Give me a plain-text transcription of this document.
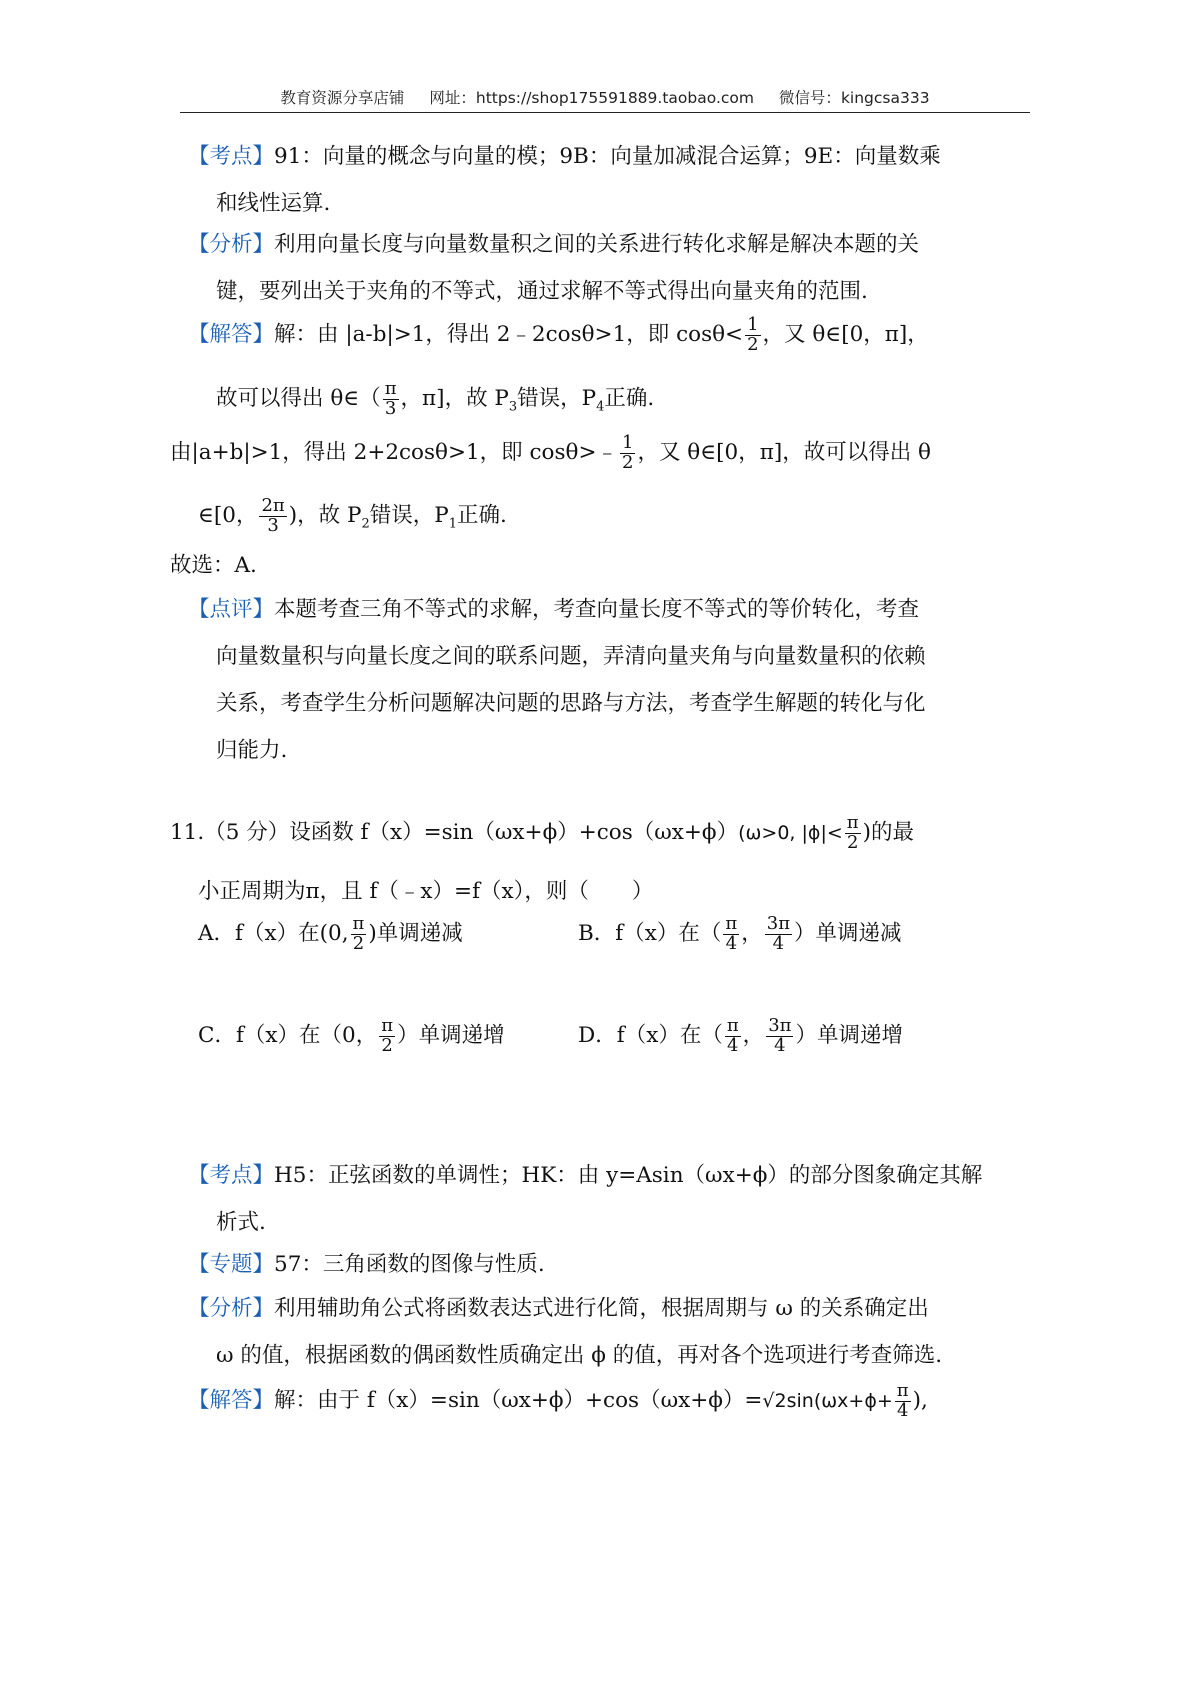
教育资源分享店铺 网址：https://shop175591889.taobao.com 微信号：kingcsa333
【考点】91：向量的概念与向量的模；9B：向量加减混合运算；9E：向量数乘
和线性运算.
【分析】利用向量长度与向量数量积之间的关系进行转化求解是解决本题的关
键，要列出关于夹角的不等式，通过求解不等式得出向量夹角的范围.
【解答】解：由 |a-b|>1，得出 2﹣2cosθ>1，即 $\cos\theta< \frac{1}{2}$ ，又 θ∈[0，π]，
故可以得出 θ∈（ $\frac{\pi}{3}$ ，π]，故 $P_3$错误，$P_4$正确.
由|a+b|>1，得出 2+2cosθ>1，即 cosθ>﹣ $\frac{1}{2}$ ，又 θ∈[0，π]，故可以得出 θ
∈[0， $\frac{2\pi}{3}$ )，故 $P_2$错误，$P_1$正确.
故选：A.
【点评】本题考查三角不等式的求解，考查向量长度不等式的等价转化，考查
向量数量积与向量长度之间的联系问题，弄清向量夹角与向量数量积的依赖
关系，考查学生分析问题解决问题的思路与方法，考查学生解题的转化与化
归能力.
11.（5 分）设函数 f（x）=sin（ωx+ϕ）+cos（ωx+ϕ）(ω>0, $|\phi|< \frac{\pi}{2}$ )的最
小正周期为π，且 f（﹣x）=f（x），则（　　）
A．f（x）在(0, $\frac{\pi}{2}$ )单调递减	B．f（x）在（ $\frac{\pi}{4}$ ， $\frac{3\pi}{4}$ ）单调递减
C．f（x）在（0， $\frac{\pi}{2}$ ）单调递增	D．f（x）在（ $\frac{\pi}{4}$ ， $\frac{3\pi}{4}$ ）单调递增
【考点】H5：正弦函数的单调性；HK：由 y=Asin（ωx+ϕ）的部分图象确定其解
析式.
【专题】57：三角函数的图像与性质.
【分析】利用辅助角公式将函数表达式进行化简，根据周期与 ω 的关系确定出
ω 的值，根据函数的偶函数性质确定出 ϕ 的值，再对各个选项进行考查筛选.
【解答】解：由于 $f(x)=\sin(\omega x+\phi)+\cos(\omega x+\phi)=√2\sin(\omega x+\phi+ \frac{\pi}{4}$ ),
